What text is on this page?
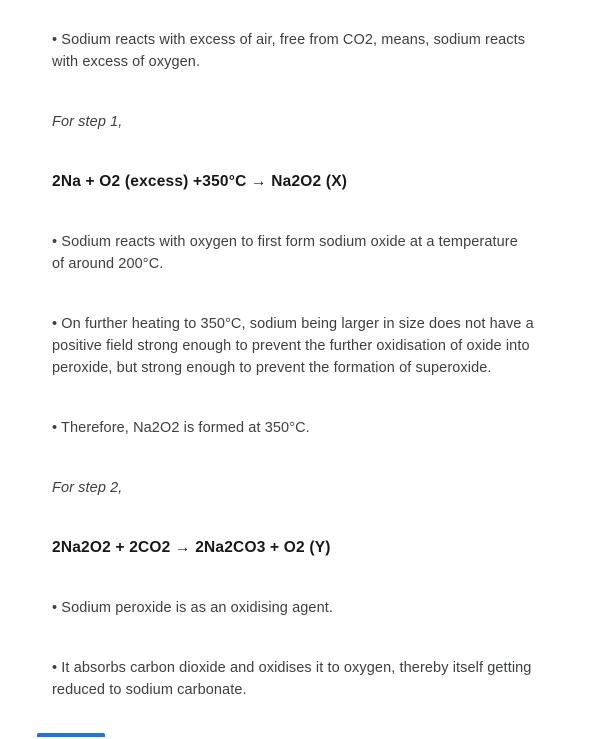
• Sodium reacts with excess of air, free from CO2, means, sodium reacts with excess of oxygen.

For step 1,

2Na + O2 (excess) +350°C → Na2O2 (X)

• Sodium reacts with oxygen to first form sodium oxide at a temperature of around 200°C.

• On further heating to 350°C, sodium being larger in size does not have a positive field strong enough to prevent the further oxidisation of oxide into peroxide, but strong enough to prevent the formation of superoxide.

• Therefore, Na2O2 is formed at 350°C.

For step 2,

2Na2O2 + 2CO2 → 2Na2CO3 + O2 (Y)

• Sodium peroxide is as an oxidising agent.

• It absorbs carbon dioxide and oxidises it to oxygen, thereby itself getting reduced to sodium carbonate.
